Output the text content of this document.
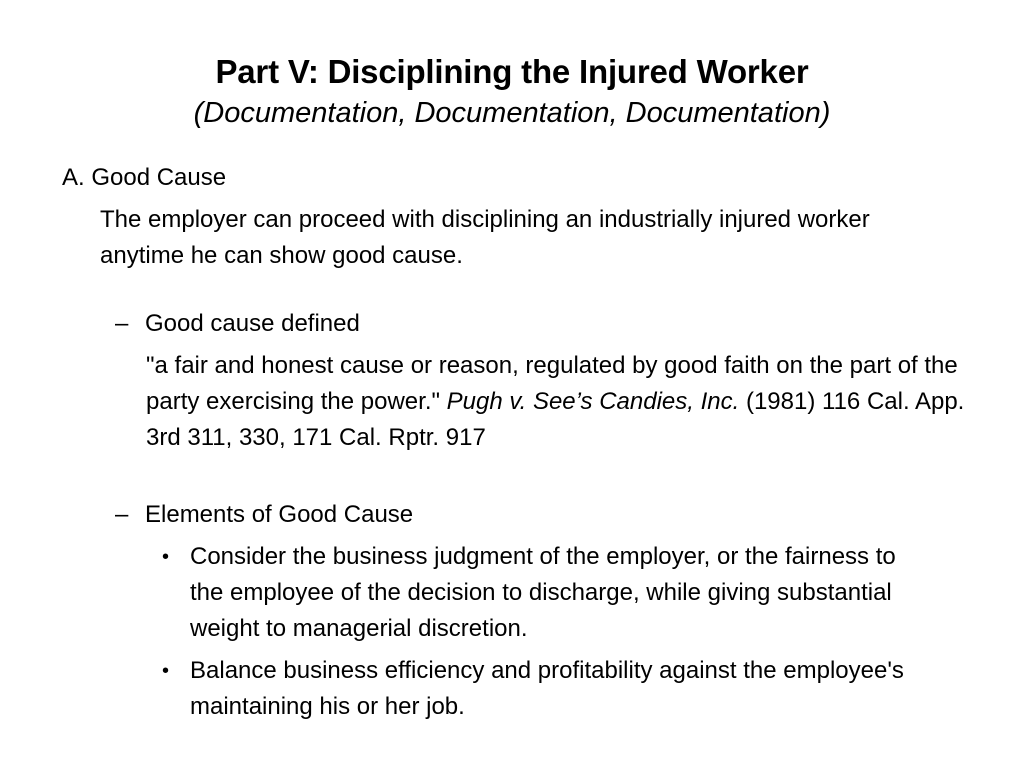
Part V: Disciplining the Injured Worker
(Documentation, Documentation, Documentation)
A. Good Cause
The employer can proceed with disciplining an industrially injured worker anytime he can show good cause.
– Good cause defined
"a fair and honest cause or reason, regulated by good faith on the part of the party exercising the power." Pugh v. See’s Candies, Inc. (1981) 116 Cal. App. 3rd 311, 330, 171 Cal. Rptr. 917
– Elements of Good Cause
• Consider the business judgment of the employer, or the fairness to the employee of the decision to discharge, while giving substantial weight to managerial discretion.
• Balance business efficiency and profitability against the employee's maintaining his or her job.
